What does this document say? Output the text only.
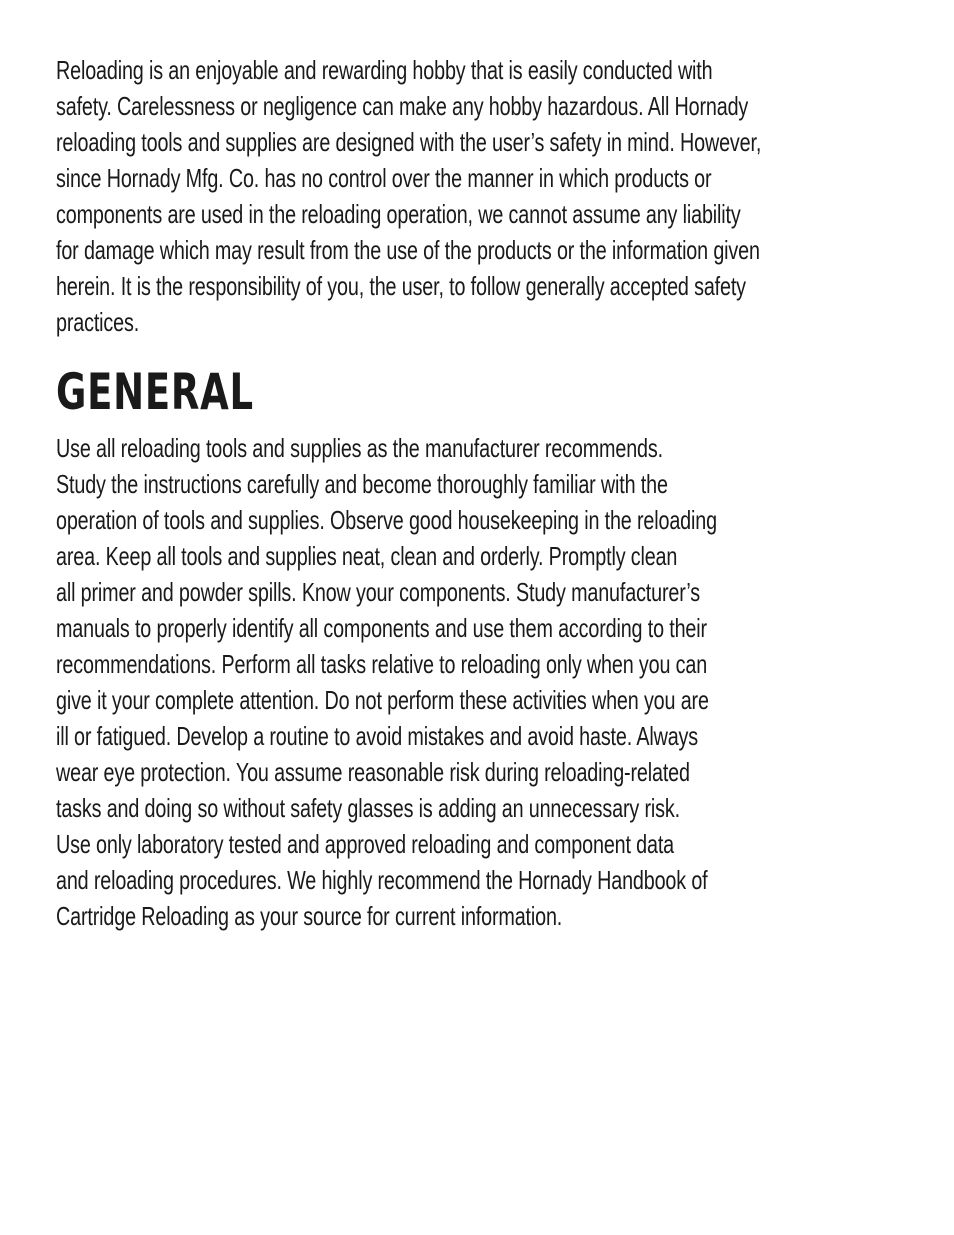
Reloading is an enjoyable and rewarding hobby that is easily conducted with
safety. Carelessness or negligence can make any hobby hazardous. All Hornady
reloading tools and supplies are designed with the user’s safety in mind. However,
since Hornady Mfg. Co. has no control over the manner in which products or
components are used in the reloading operation, we cannot assume any liability
for damage which may result from the use of the products or the information given
herein. It is the responsibility of you, the user, to follow generally accepted safety
practices.

GENERAL

Use all reloading tools and supplies as the manufacturer recommends.
Study the instructions carefully and become thoroughly familiar with the
operation of tools and supplies. Observe good housekeeping in the reloading
area. Keep all tools and supplies neat, clean and orderly. Promptly clean
all primer and powder spills. Know your components. Study manufacturer’s
manuals to properly identify all components and use them according to their
recommendations. Perform all tasks relative to reloading only when you can
give it your complete attention. Do not perform these activities when you are
ill or fatigued. Develop a routine to avoid mistakes and avoid haste. Always
wear eye protection. You assume reasonable risk during reloading-related
tasks and doing so without safety glasses is adding an unnecessary risk.
Use only laboratory tested and approved reloading and component data
and reloading procedures. We highly recommend the Hornady Handbook of
Cartridge Reloading as your source for current information.
